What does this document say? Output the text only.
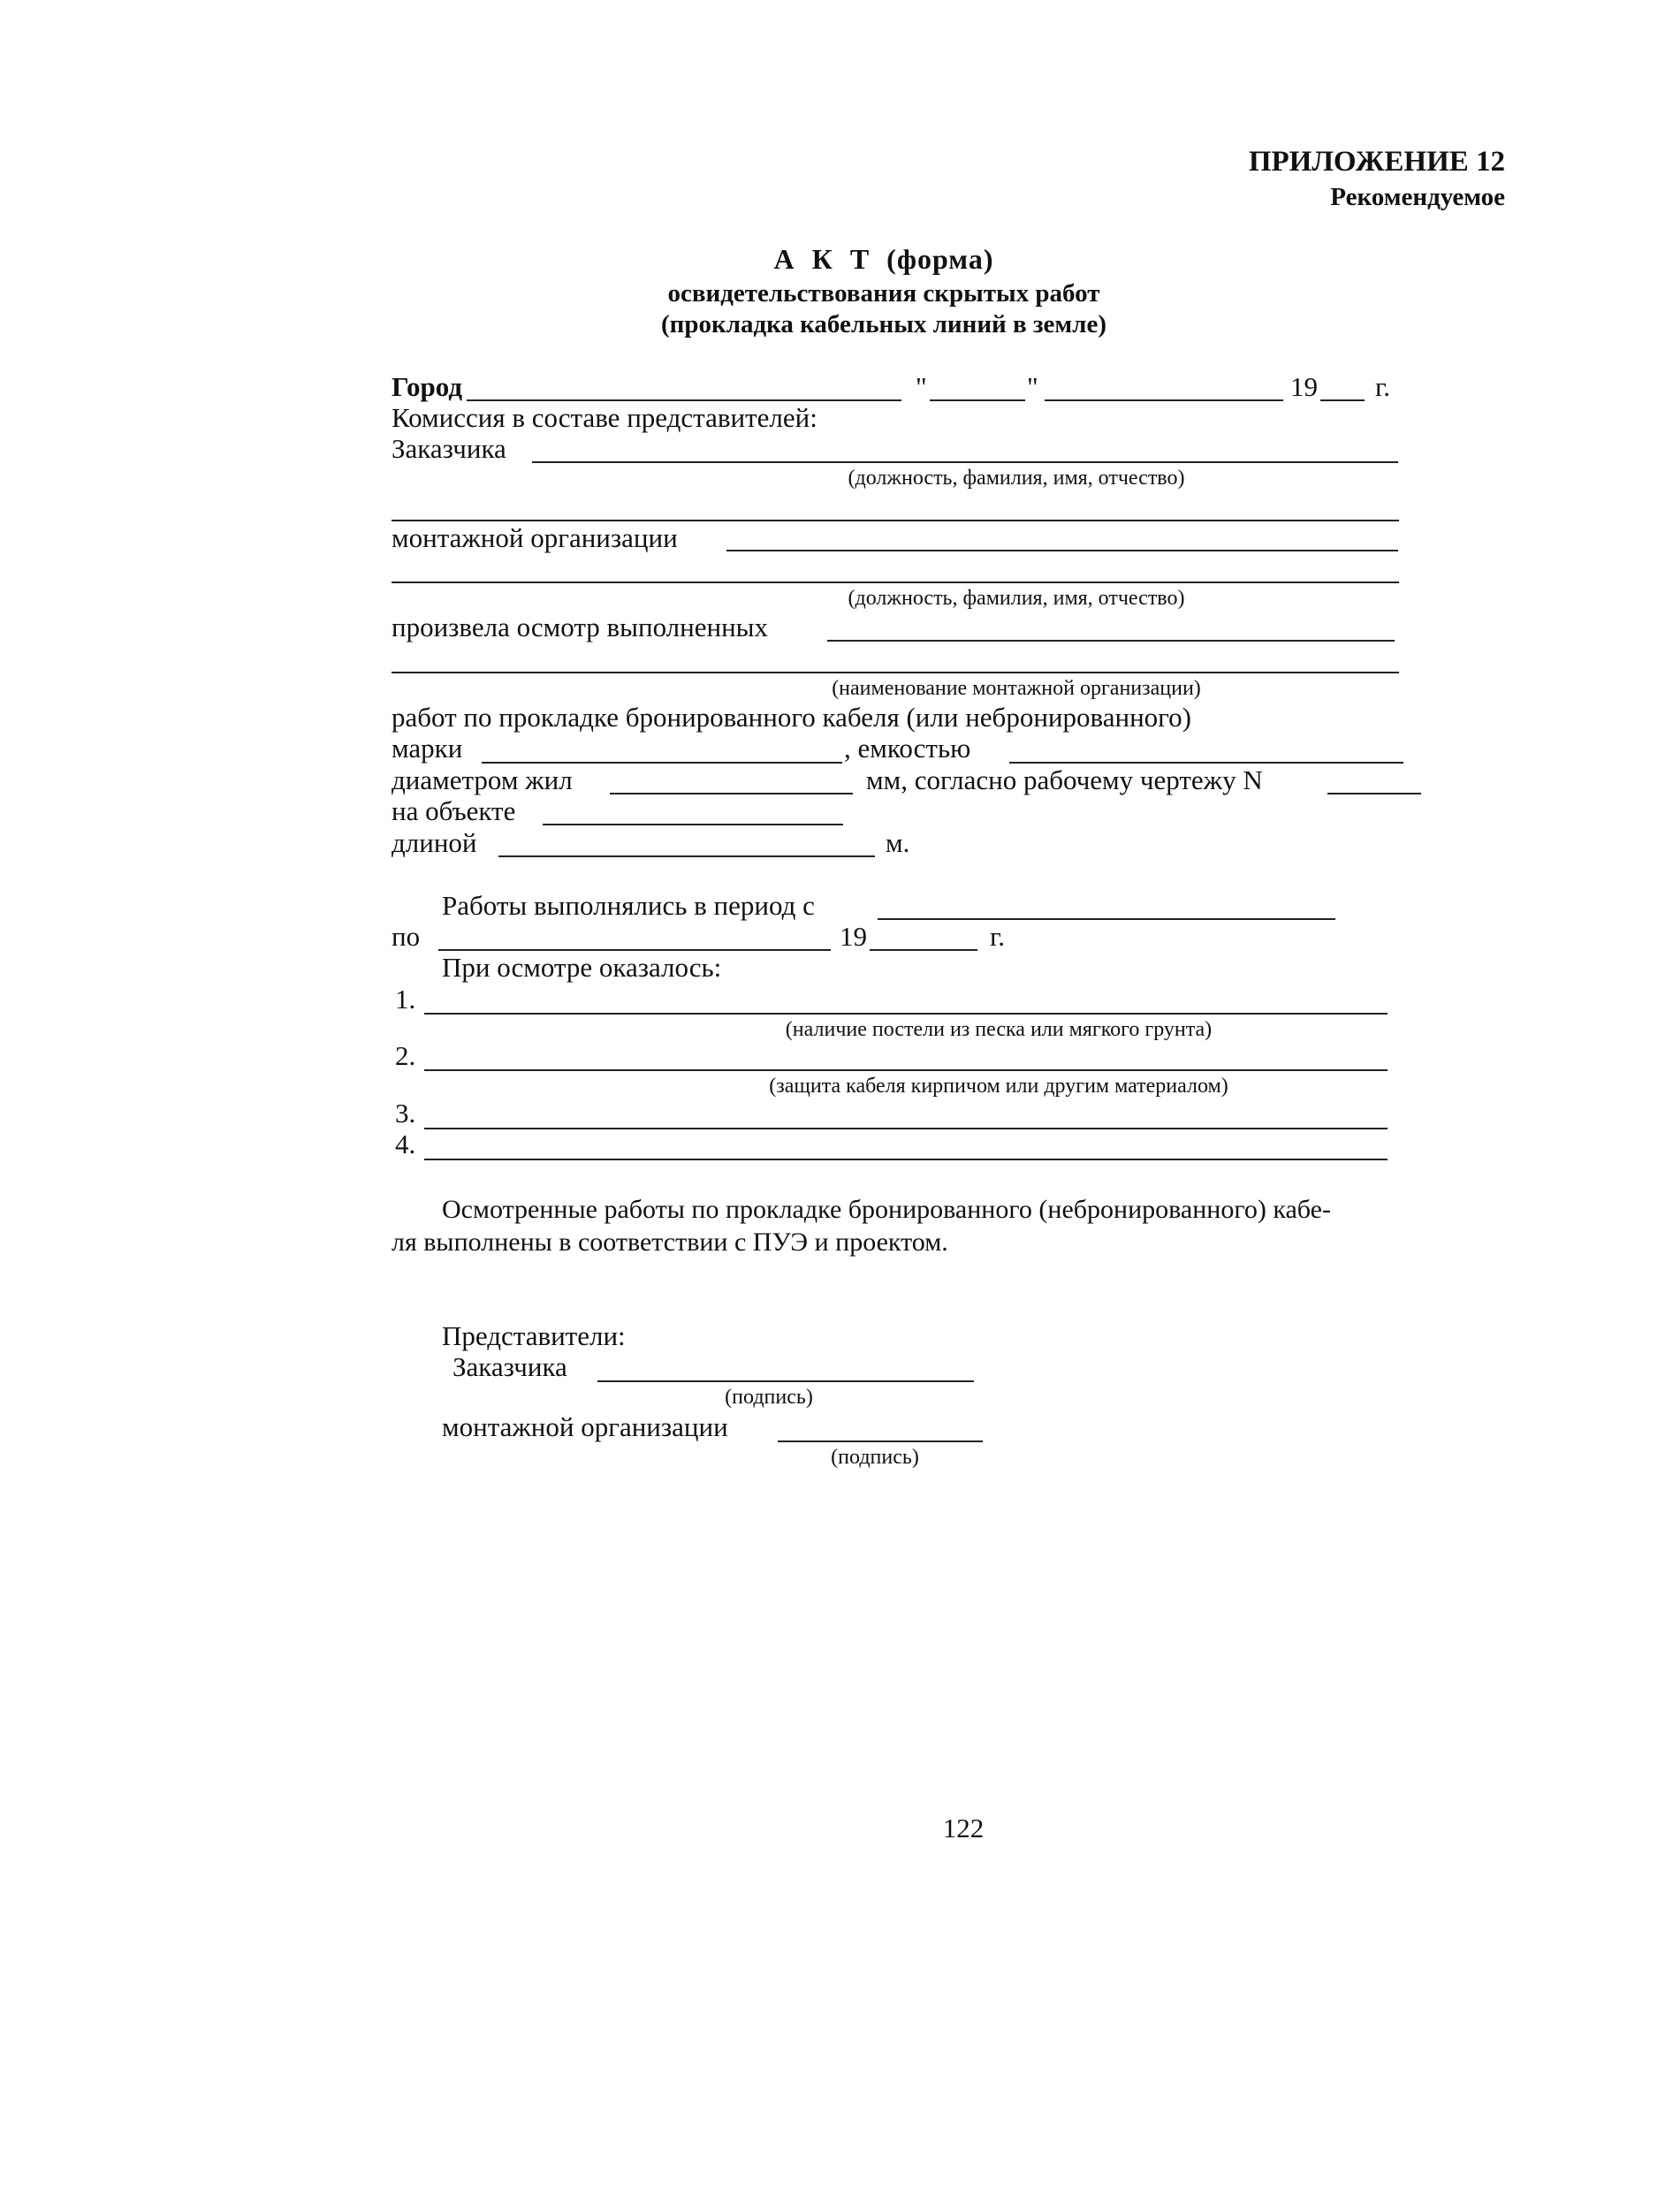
ПРИЛОЖЕНИЕ 12
Рекомендуемое
А К Т (форма)
освидетельствования скрытых работ
(прокладка кабельных линий в земле)
Город	"	"	19 г.
Комиссия в составе представителей:
Заказчика
(должность, фамилия, имя, отчество)
монтажной организации
(должность, фамилия, имя, отчество)
произвела осмотр выполненных
(наименование монтажной организации)
работ по прокладке бронированного кабеля (или небронированного)
марки	, емкостью
диаметром жил	мм, согласно рабочему чертежу N
на объекте
длиной	м.
Работы выполнялись в период с
по	19	г.
При осмотре оказалось:
1.
(наличие постели из песка или мягкого грунта)
2.
(защита кабеля кирпичом или другим материалом)
3.
4.
Осмотренные работы по прокладке бронированного (небронированного) кабе-
ля выполнены в соответствии с ПУЭ и проектом.
Представители:
Заказчика
(подпись)
монтажной организации
(подпись)
122
